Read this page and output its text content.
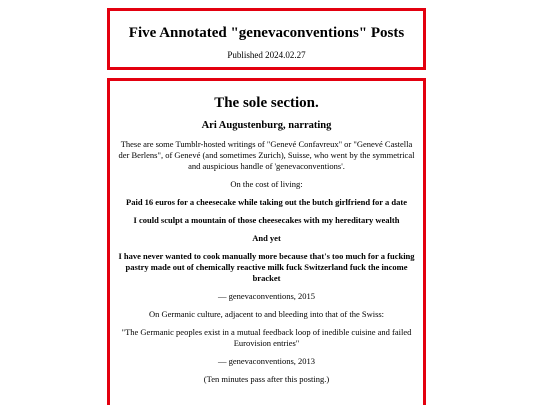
Five Annotated "genevaconventions" Posts
Published 2024.02.27
The sole section.
Ari Augustenburg, narrating

These are some Tumblr-hosted writings of "Genevé Confavreux" or "Genevé Castella der Berlens", of Genevé (and sometimes Zurich), Suisse, who went by the symmetrical and auspicious handle of 'genevaconventions'.

On the cost of living:

Paid 16 euros for a cheesecake while taking out the butch girlfriend for a date

I could sculpt a mountain of those cheesecakes with my hereditary wealth

And yet

I have never wanted to cook manually more because that's too much for a fucking pastry made out of chemically reactive milk fuck Switzerland fuck the income bracket

— genevaconventions, 2015

On Germanic culture, adjacent to and bleeding into that of the Swiss:

"The Germanic peoples exist in a mutual feedback loop of inedible cuisine and failed Eurovision entries"

— genevaconventions, 2013

(Ten minutes pass after this posting.)
